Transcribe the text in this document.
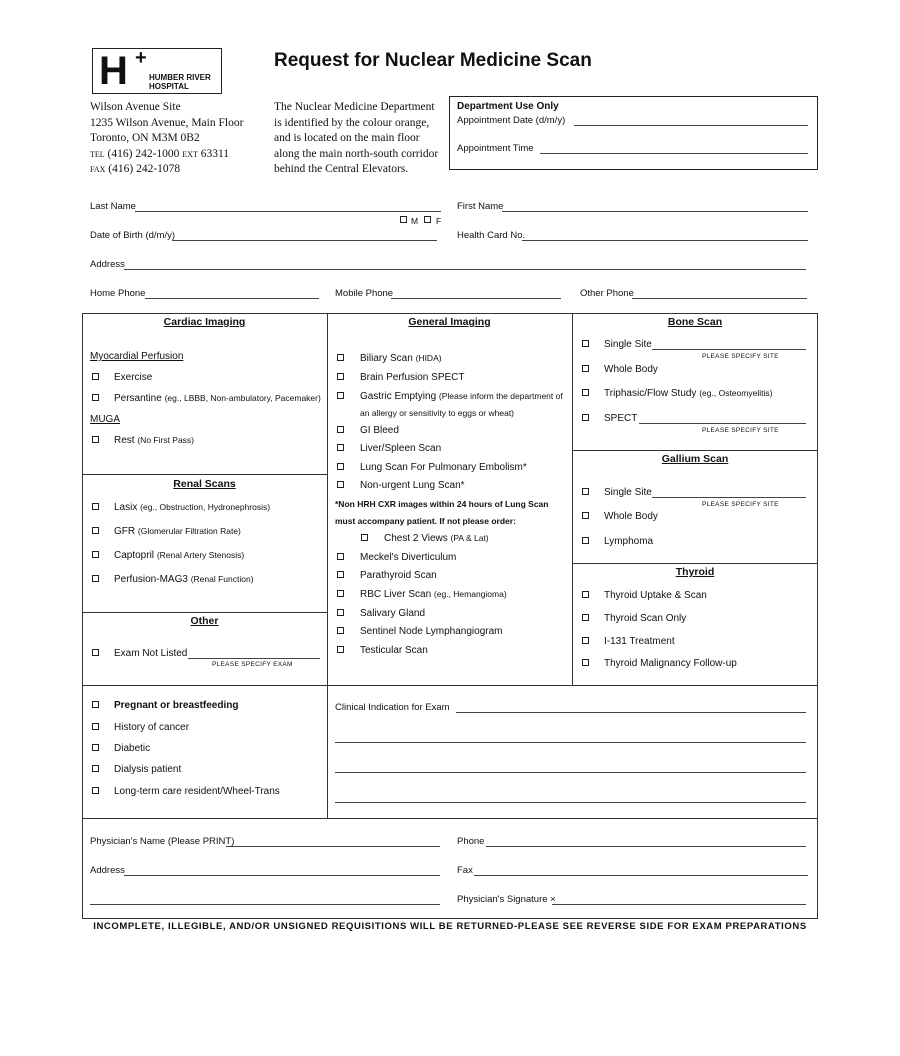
H +
HUMBER RIVER
HOSPITAL
Request for Nuclear Medicine Scan
Wilson Avenue Site
1235 Wilson Avenue, Main Floor
Toronto, ON M3M 0B2
TEL (416) 242-1000 EXT 63311
FAX (416) 242-1078
The Nuclear Medicine Department
is identified by the colour orange,
and is located on the main floor
along the main north-south corridor
behind the Central Elevators.
Department Use Only
Appointment Date (d/m/y)
Appointment Time
Last Name	First Name
M F
Date of Birth (d/m/y)	Health Card No.
Address
Home Phone	Mobile Phone	Other Phone
Cardiac Imaging
Myocardial Perfusion
Exercise
Persantine (eg., LBBB, Non-ambulatory, Pacemaker)
MUGA
Rest (No First Pass)
Renal Scans
Lasix (eg., Obstruction, Hydronephrosis)
GFR (Glomerular Filtration Rate)
Captopril (Renal Artery Stenosis)
Perfusion-MAG3 (Renal Function)
Other
Exam Not Listed
PLEASE SPECIFY EXAM
General Imaging
Biliary Scan (HIDA)
Brain Perfusion SPECT
Gastric Emptying (Please inform the department of
an allergy or sensitivity to eggs or wheat)
GI Bleed
Liver/Spleen Scan
Lung Scan For Pulmonary Embolism*
Non-urgent Lung Scan*
*Non HRH CXR images within 24 hours of Lung Scan
must accompany patient. If not please order:
Chest 2 Views (PA & Lat)
Meckel's Diverticulum
Parathyroid Scan
RBC Liver Scan (eg., Hemangioma)
Salivary Gland
Sentinel Node Lymphangiogram
Testicular Scan
Bone Scan
Single Site
PLEASE SPECIFY SITE
Whole Body
Triphasic/Flow Study (eg., Osteomyelitis)
SPECT
PLEASE SPECIFY SITE
Gallium Scan
Single Site
PLEASE SPECIFY SITE
Whole Body
Lymphoma
Thyroid
Thyroid Uptake & Scan
Thyroid Scan Only
I-131 Treatment
Thyroid Malignancy Follow-up
Pregnant or breastfeeding
History of cancer
Diabetic
Dialysis patient
Long-term care resident/Wheel-Trans
Clinical Indication for Exam
Physician's Name (Please PRINT)	Phone
Address	Fax
Physician's Signature ×
INCOMPLETE, ILLEGIBLE, AND/OR UNSIGNED REQUISITIONS WILL BE RETURNED-PLEASE SEE REVERSE SIDE FOR EXAM PREPARATIONS
